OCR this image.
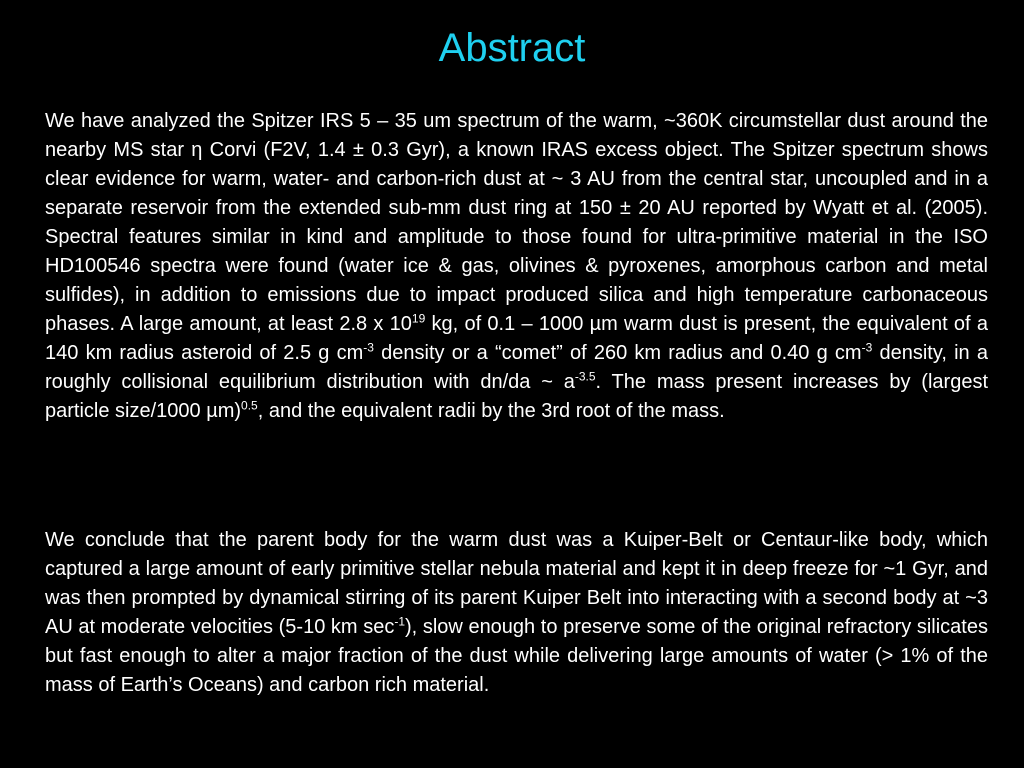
Abstract

We have analyzed the Spitzer IRS 5 – 35 um spectrum of the warm, ~360K circumstellar dust around the nearby MS star η Corvi (F2V, 1.4 ± 0.3 Gyr), a known IRAS excess object. The Spitzer spectrum shows clear evidence for warm, water- and carbon-rich dust at ~ 3 AU from the central star, uncoupled and in a separate reservoir from the extended sub-mm dust ring at 150 ± 20 AU reported by Wyatt et al. (2005). Spectral features similar in kind and amplitude to those found for ultra-primitive material in the ISO HD100546 spectra were found (water ice & gas, olivines & pyroxenes, amorphous carbon and metal sulfides), in addition to emissions due to impact produced silica and high temperature carbonaceous phases. A large amount, at least 2.8 x $10^{19}$ kg, of 0.1 – 1000 µm warm dust is present, the equivalent of a 140 km radius asteroid of 2.5 g $cm^{-3}$ density or a “comet” of 260 km radius and 0.40 g $cm^{-3}$ density, in a roughly collisional equilibrium distribution with dn/da ~ $a^{-3.5}$. The mass present increases by (largest particle size/1000 µm)$^{0.5}$, and the equivalent radii by the 3rd root of the mass.

We conclude that the parent body for the warm dust was a Kuiper-Belt or Centaur-like body, which captured a large amount of early primitive stellar nebula material and kept it in deep freeze for ~1 Gyr, and was then prompted by dynamical stirring of its parent Kuiper Belt into interacting with a second body at ~3 AU at moderate velocities (5-10 km $\sec^{-1}$), slow enough to preserve some of the original refractory silicates but fast enough to alter a major fraction of the dust while delivering large amounts of water (> 1% of the mass of Earth’s Oceans) and carbon rich material.
